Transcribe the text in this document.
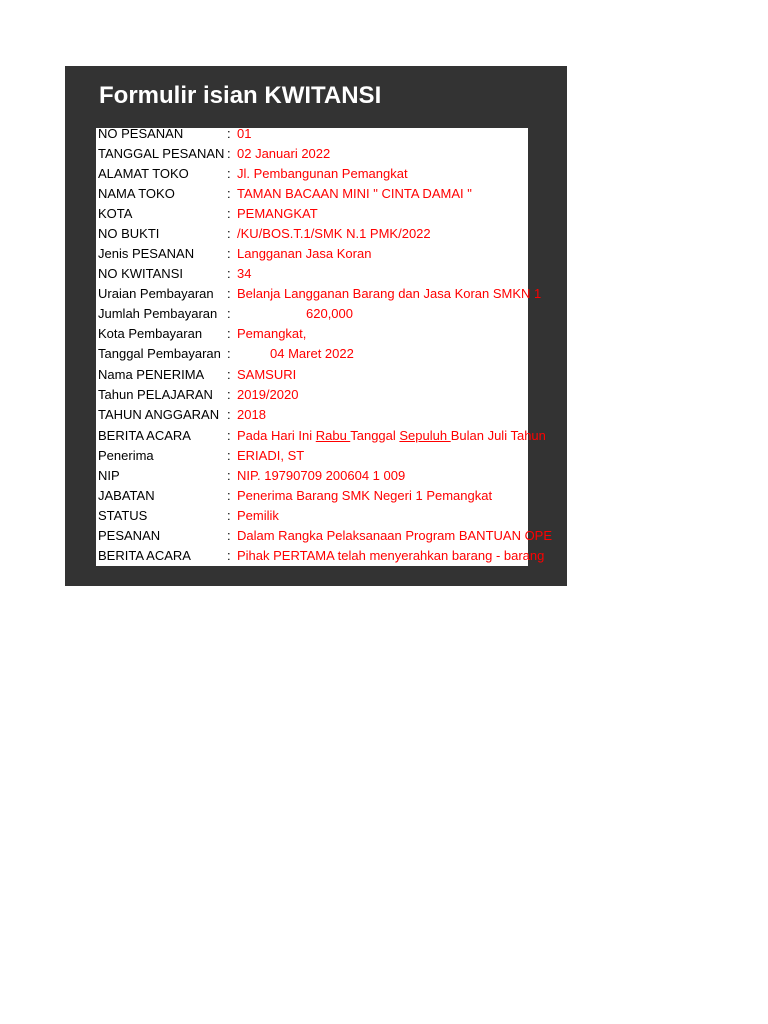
Formulir isian KWITANSI
NO PESANAN	: 01
TANGGAL PESANAN : 02 Januari 2022
ALAMAT TOKO	: Jl. Pembangunan Pemangkat
NAMA TOKO	: TAMAN BACAAN MINI " CINTA DAMAI "
KOTA	: PEMANGKAT
NO BUKTI	: /KU/BOS.T.1/SMK N.1 PMK/2022
Jenis PESANAN	: Langganan Jasa Koran
NO KWITANSI	: 34
Uraian Pembayaran : Belanja Langganan Barang dan Jasa Koran SMKN 1
Jumlah Pembayaran :	620,000
Kota Pembayaran : Pemangkat,
Tanggal Pembayaran :	04 Maret 2022
Nama PENERIMA : SAMSURI
Tahun PELAJARAN : 2019/2020
TAHUN ANGGARAN : 2018
BERITA ACARA	: Pada Hari Ini Rabu Tanggal Sepuluh Bulan Juli Tahun
Penerima	: ERIADI, ST
NIP	: NIP. 19790709 200604 1 009
JABATAN	: Penerima Barang SMK Negeri 1 Pemangkat
STATUS	: Pemilik
PESANAN	: Dalam Rangka Pelaksanaan Program BANTUAN OPE
BERITA ACARA	: Pihak PERTAMA telah menyerahkan barang - barang
